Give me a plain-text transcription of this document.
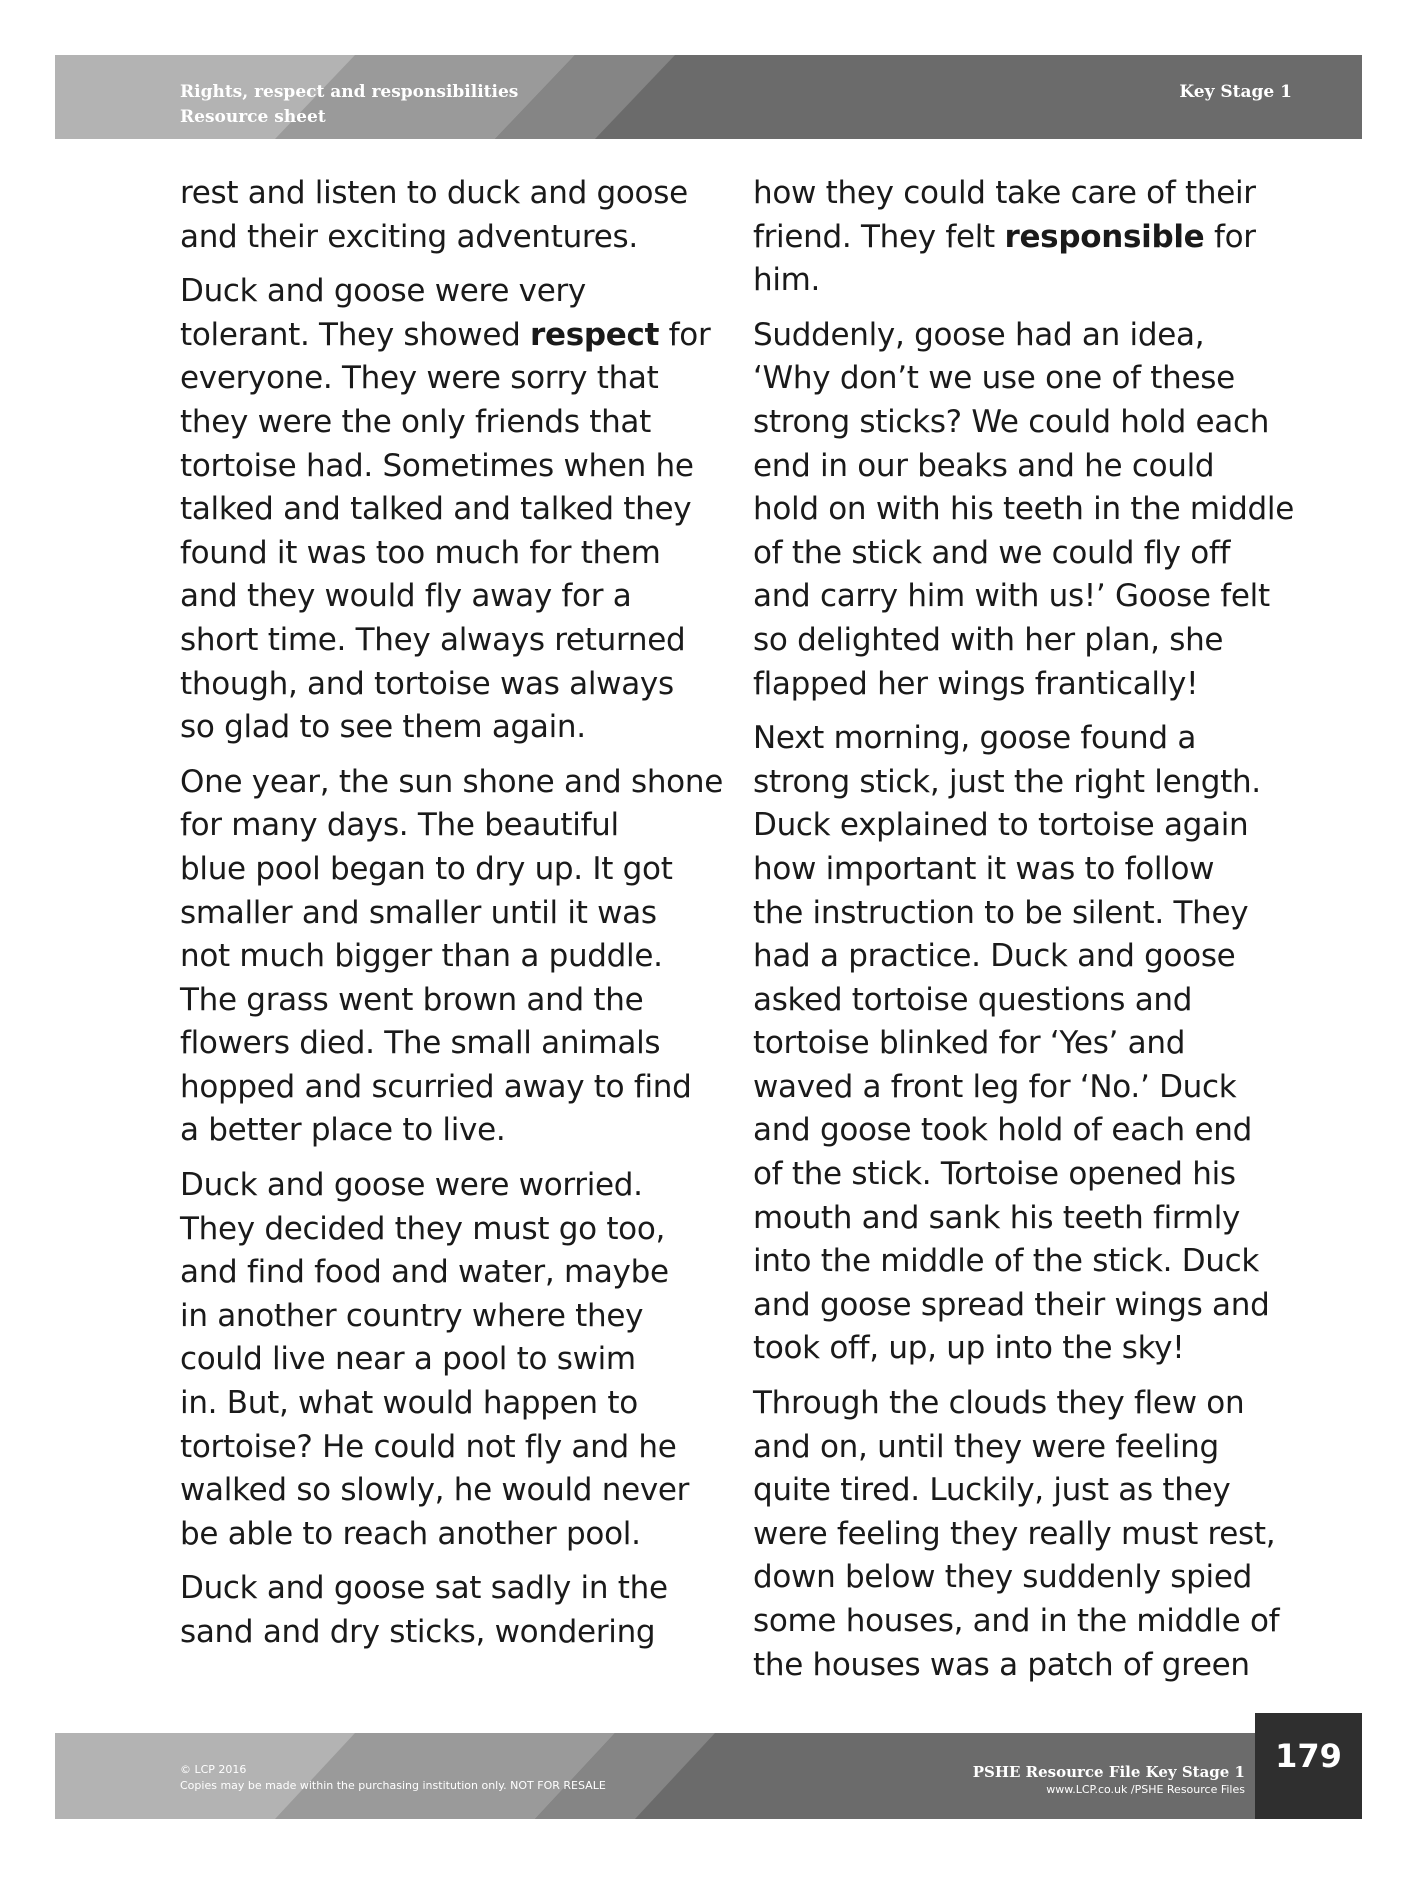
Rights, respect and responsibilities
Resource sheet
Key Stage 1

rest and listen to duck and goose
and their exciting adventures.

Duck and goose were very
tolerant. They showed respect for
everyone. They were sorry that
they were the only friends that
tortoise had. Sometimes when he
talked and talked and talked they
found it was too much for them
and they would fly away for a
short time. They always returned
though, and tortoise was always
so glad to see them again.

One year, the sun shone and shone
for many days. The beautiful
blue pool began to dry up. It got
smaller and smaller until it was
not much bigger than a puddle.
The grass went brown and the
flowers died. The small animals
hopped and scurried away to find
a better place to live.

Duck and goose were worried.
They decided they must go too,
and find food and water, maybe
in another country where they
could live near a pool to swim
in. But, what would happen to
tortoise? He could not fly and he
walked so slowly, he would never
be able to reach another pool.

Duck and goose sat sadly in the
sand and dry sticks, wondering

how they could take care of their
friend. They felt responsible for
him.

Suddenly, goose had an idea,
‘Why don’t we use one of these
strong sticks? We could hold each
end in our beaks and he could
hold on with his teeth in the middle
of the stick and we could fly off
and carry him with us!’ Goose felt
so delighted with her plan, she
flapped her wings frantically!

Next morning, goose found a
strong stick, just the right length.
Duck explained to tortoise again
how important it was to follow
the instruction to be silent. They
had a practice. Duck and goose
asked tortoise questions and
tortoise blinked for ‘Yes’ and
waved a front leg for ‘No.’ Duck
and goose took hold of each end
of the stick. Tortoise opened his
mouth and sank his teeth firmly
into the middle of the stick. Duck
and goose spread their wings and
took off, up, up into the sky!

Through the clouds they flew on
and on, until they were feeling
quite tired. Luckily, just as they
were feeling they really must rest,
down below they suddenly spied
some houses, and in the middle of
the houses was a patch of green

© LCP 2016
Copies may be made within the purchasing institution only. NOT FOR RESALE
PSHE Resource File Key Stage 1
www.LCP.co.uk /PSHE Resource Files
179
